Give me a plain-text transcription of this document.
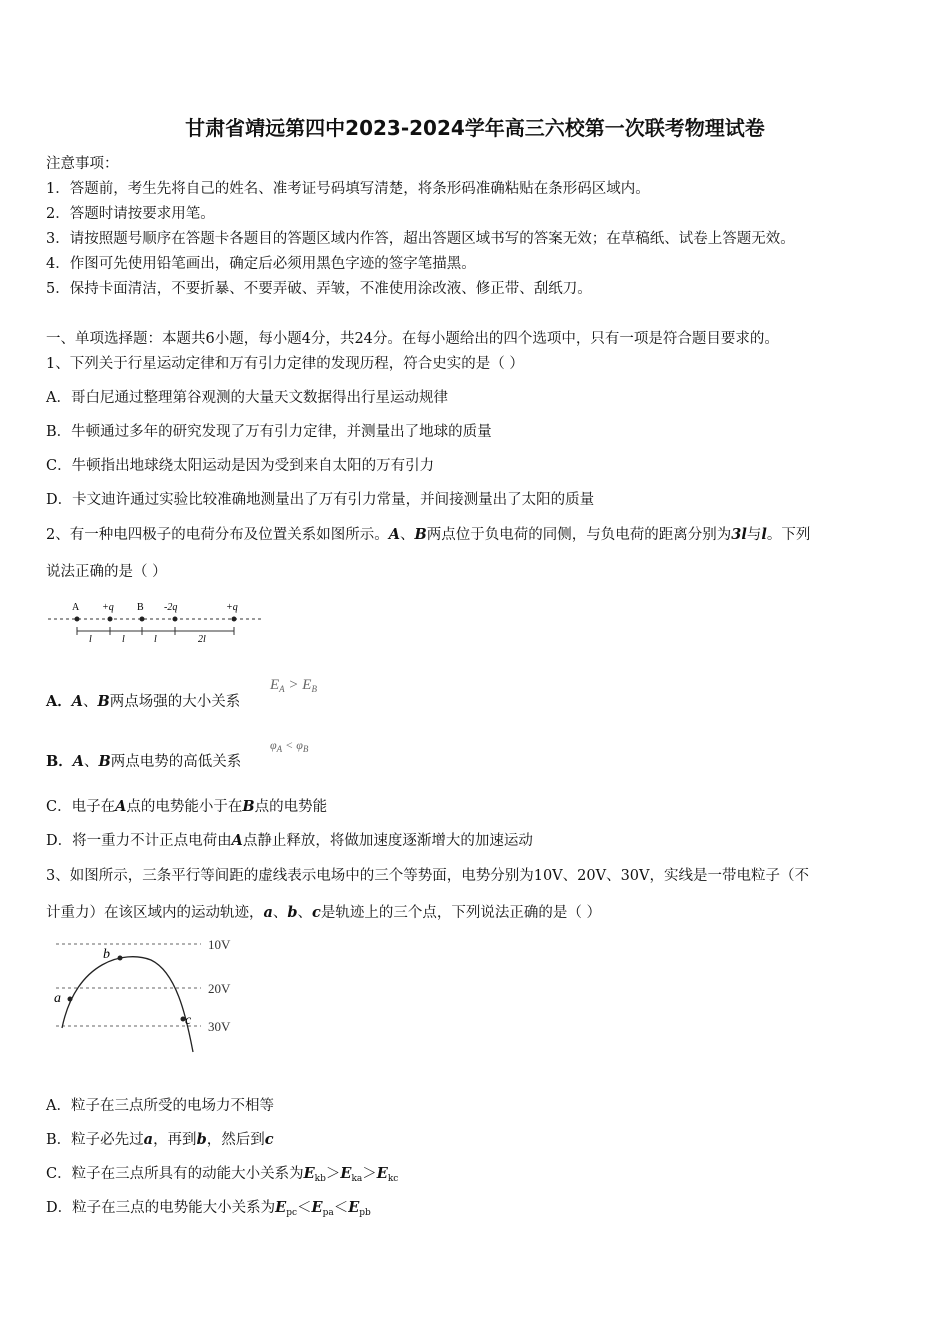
甘肃省靖远第四中2023-2024学年高三六校第一次联考物理试卷
注意事项：
1．答题前，考生先将自己的姓名、准考证号码填写清楚，将条形码准确粘贴在条形码区域内。
2．答题时请按要求用笔。
3．请按照题号顺序在答题卡各题目的答题区域内作答，超出答题区域书写的答案无效；在草稿纸、试卷上答题无效。
4．作图可先使用铅笔画出，确定后必须用黑色字迹的签字笔描黑。
5．保持卡面清洁，不要折暴、不要弄破、弄皱，不准使用涂改液、修正带、刮纸刀。
一、单项选择题：本题共6小题，每小题4分，共24分。在每小题给出的四个选项中，只有一项是符合题目要求的。
1、下列关于行星运动定律和万有引力定律的发现历程，符合史实的是（ ）
A．哥白尼通过整理第谷观测的大量天文数据得出行星运动规律
B．牛顿通过多年的研究发现了万有引力定律，并测量出了地球的质量
C．牛顿指出地球绕太阳运动是因为受到来自太阳的万有引力
D．卡文迪许通过实验比较准确地测量出了万有引力常量，并间接测量出了太阳的质量
2、有一种电四极子的电荷分布及位置关系如图所示。A、B两点位于负电荷的同侧，与负电荷的距离分别为3l与l。下列
说法正确的是（ ）
A +q B -2q	+q
l	l	l	2l
A．A、B两点场强的大小关系
$E_A > E_B$
B．A、B两点电势的高低关系
$\varphi_A < \varphi_B$
C．电子在A点的电势能小于在B点的电势能
D．将一重力不计正点电荷由A点静止释放，将做加速度逐渐增大的加速运动
3、如图所示，三条平行等间距的虚线表示电场中的三个等势面，电势分别为10V、20V、30V，实线是一带电粒子（不
计重力）在该区域内的运动轨迹，a、b、c是轨迹上的三个点，下列说法正确的是（ ）
10V
20V
30V
a
b
c
A．粒子在三点所受的电场力不相等
B．粒子必先过a，再到b，然后到c
C．粒子在三点所具有的动能大小关系为$E_{kb}>E_{ka}>E_{kc}$
D．粒子在三点的电势能大小关系为$E_{pc}<E_{pa}<E_{pb}$
